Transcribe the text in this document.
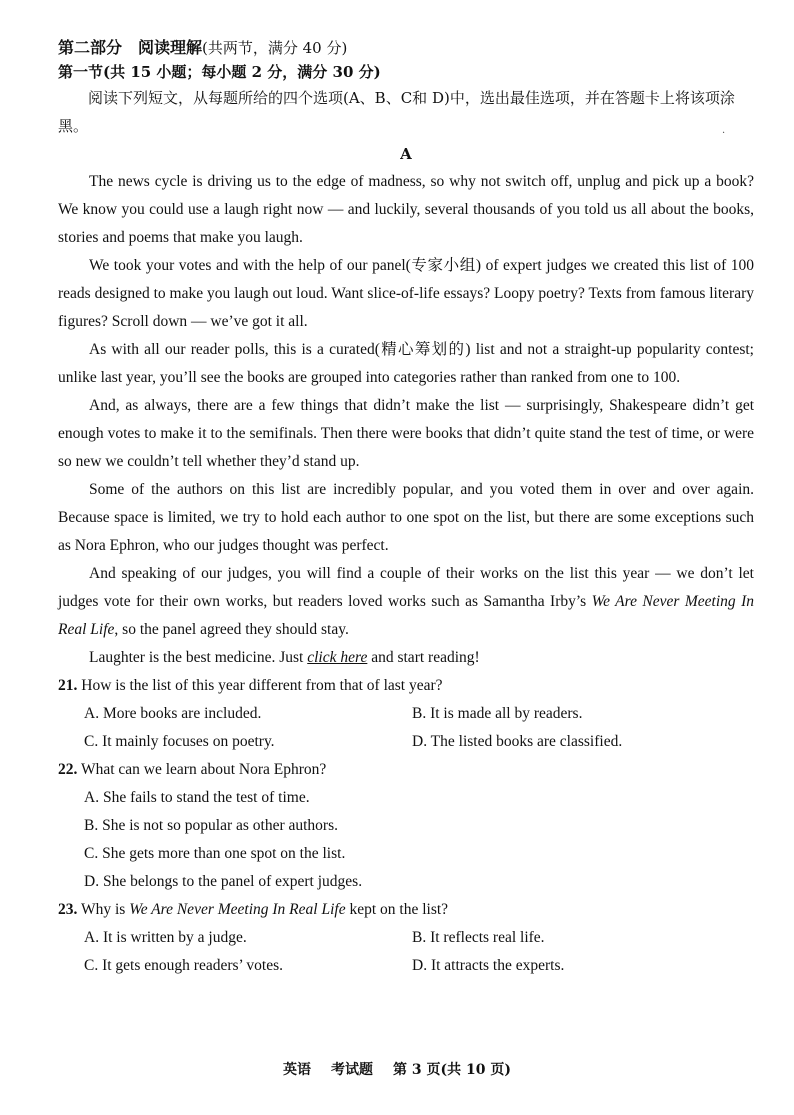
第二部分　阅读理解(共两节，满分 40 分)
第一节(共 15 小题；每小题 2 分，满分 30 分)

阅读下列短文，从每题所给的四个选项(A、B、C和 D)中，选出最佳选项，并在答题卡上将该项涂黑。

A

The news cycle is driving us to the edge of madness, so why not switch off, unplug and pick up a book? We know you could use a laugh right now — and luckily, several thousands of you told us all about the books, stories and poems that make you laugh.

We took your votes and with the help of our panel(专家小组) of expert judges we created this list of 100 reads designed to make you laugh out loud. Want slice-of-life essays? Loopy poetry? Texts from famous literary figures? Scroll down — we’ve got it all.

As with all our reader polls, this is a curated(精心筹划的) list and not a straight-up popularity contest; unlike last year, you’ll see the books are grouped into categories rather than ranked from one to 100.

And, as always, there are a few things that didn’t make the list — surprisingly, Shakespeare didn’t get enough votes to make it to the semifinals. Then there were books that didn’t quite stand the test of time, or were so new we couldn’t tell whether they’d stand up.

Some of the authors on this list are incredibly popular, and you voted them in over and over again. Because space is limited, we try to hold each author to one spot on the list, but there are some exceptions such as Nora Ephron, who our judges thought was perfect.

And speaking of our judges, you will find a couple of their works on the list this year — we don’t let judges vote for their own works, but readers loved works such as Samantha Irby’s We Are Never Meeting In Real Life, so the panel agreed they should stay.

Laughter is the best medicine. Just click here and start reading!

21. How is the list of this year different from that of last year?

A. More books are included.	B. It is made all by readers.
C. It mainly focuses on poetry.	D. The listed books are classified.

22. What can we learn about Nora Ephron?

A. She fails to stand the test of time.
B. She is not so popular as other authors.
C. She gets more than one spot on the list.
D. She belongs to the panel of expert judges.

23. Why is We Are Never Meeting In Real Life kept on the list?

A. It is written by a judge.	B. It reflects real life.
C. It gets enough readers’ votes.	D. It attracts the experts.
·
英语 考试题 第 3 页(共 10 页)
